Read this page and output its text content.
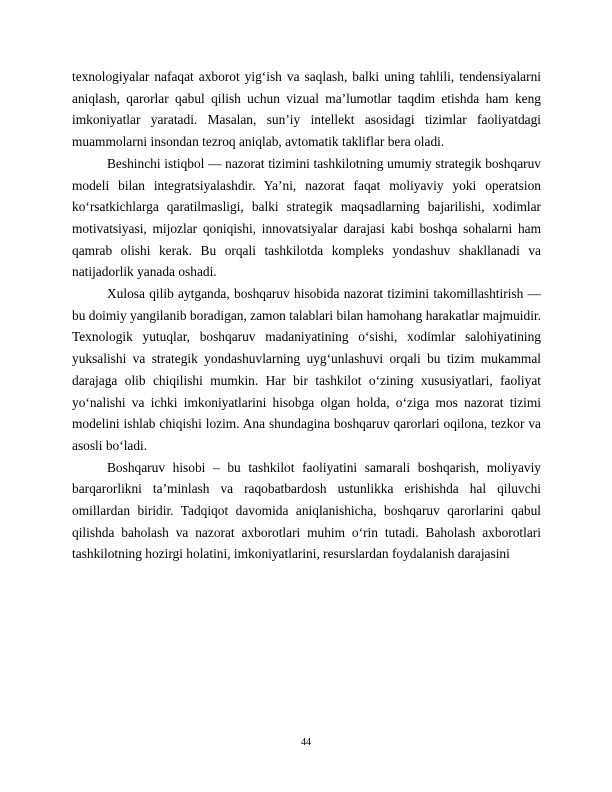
texnologiyalar nafaqat axborot yig‘ish va saqlash, balki uning tahlili, tendensiyalarni aniqlash, qarorlar qabul qilish uchun vizual ma’lumotlar taqdim etishda ham keng imkoniyatlar yaratadi. Masalan, sun’iy intellekt asosidagi tizimlar faoliyatdagi muammolarni insondan tezroq aniqlab, avtomatik takliflar bera oladi.

Beshinchi istiqbol — nazorat tizimini tashkilotning umumiy strategik boshqaruv modeli bilan integratsiyalashdir. Ya’ni, nazorat faqat moliyaviy yoki operatsion ko‘rsatkichlarga qaratilmasligi, balki strategik maqsadlarning bajarilishi, xodimlar motivatsiyasi, mijozlar qoniqishi, innovatsiyalar darajasi kabi boshqa sohalarni ham qamrab olishi kerak. Bu orqali tashkilotda kompleks yondashuv shakllanadi va natijadorlik yanada oshadi.

Xulosa qilib aytganda, boshqaruv hisobida nazorat tizimini takomillashtirish — bu doimiy yangilanib boradigan, zamon talablari bilan hamohang harakatlar majmuidir. Texnologik yutuqlar, boshqaruv madaniyatining o‘sishi, xodimlar salohiyatining yuksalishi va strategik yondashuvlarning uyg‘unlashuvi orqali bu tizim mukammal darajaga olib chiqilishi mumkin. Har bir tashkilot o‘zining xususiyatlari, faoliyat yo‘nalishi va ichki imkoniyatlarini hisobga olgan holda, o‘ziga mos nazorat tizimi modelini ishlab chiqishi lozim. Ana shundagina boshqaruv qarorlari oqilona, tezkor va asosli bo‘ladi.

Boshqaruv hisobi – bu tashkilot faoliyatini samarali boshqarish, moliyaviy barqarorlikni ta’minlash va raqobatbardosh ustunlikka erishishda hal qiluvchi omillardan biridir. Tadqiqot davomida aniqlanishicha, boshqaruv qarorlarini qabul qilishda baholash va nazorat axborotlari muhim o‘rin tutadi. Baholash axborotlari tashkilotning hozirgi holatini, imkoniyatlarini, resurslardan foydalanish darajasini

44
